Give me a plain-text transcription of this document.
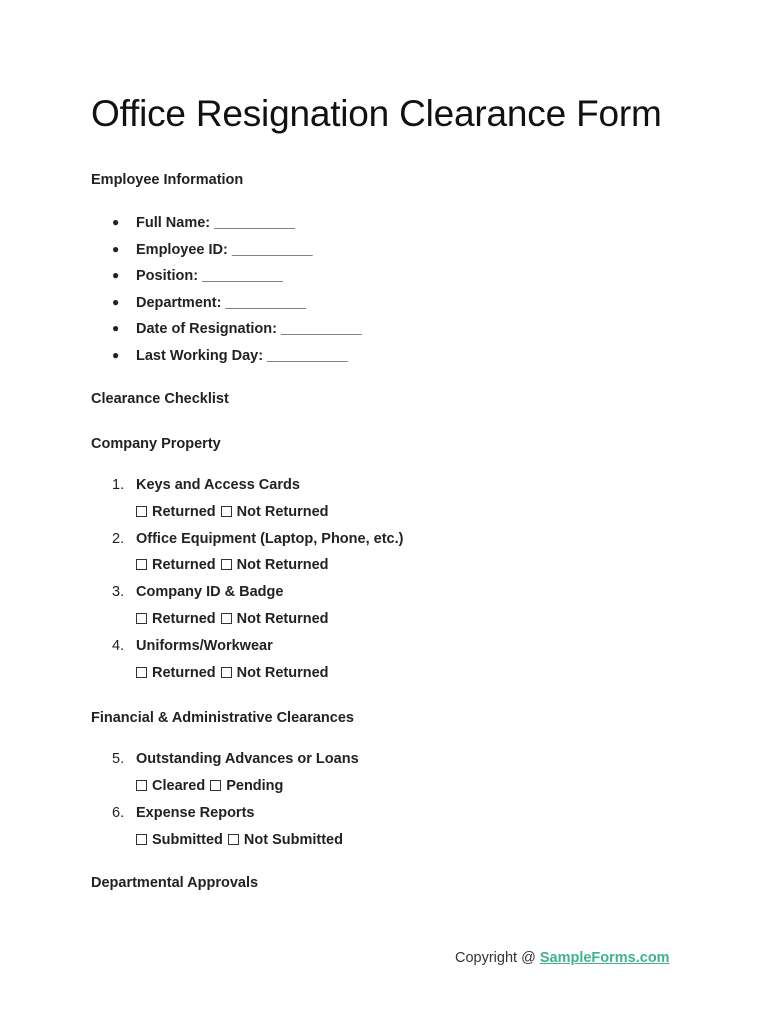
Office Resignation Clearance Form
Employee Information
● Full Name: __________
● Employee ID: __________
● Position: __________
● Department: __________
● Date of Resignation: __________
● Last Working Day: __________
Clearance Checklist
Company Property
1. Keys and Access Cards
Returned Not Returned
2. Office Equipment (Laptop, Phone, etc.)
Returned Not Returned
3. Company ID & Badge
Returned Not Returned
4. Uniforms/Workwear
Returned Not Returned
Financial & Administrative Clearances
5. Outstanding Advances or Loans
Cleared Pending
6. Expense Reports
Submitted Not Submitted
Departmental Approvals
Copyright @ SampleForms.com
